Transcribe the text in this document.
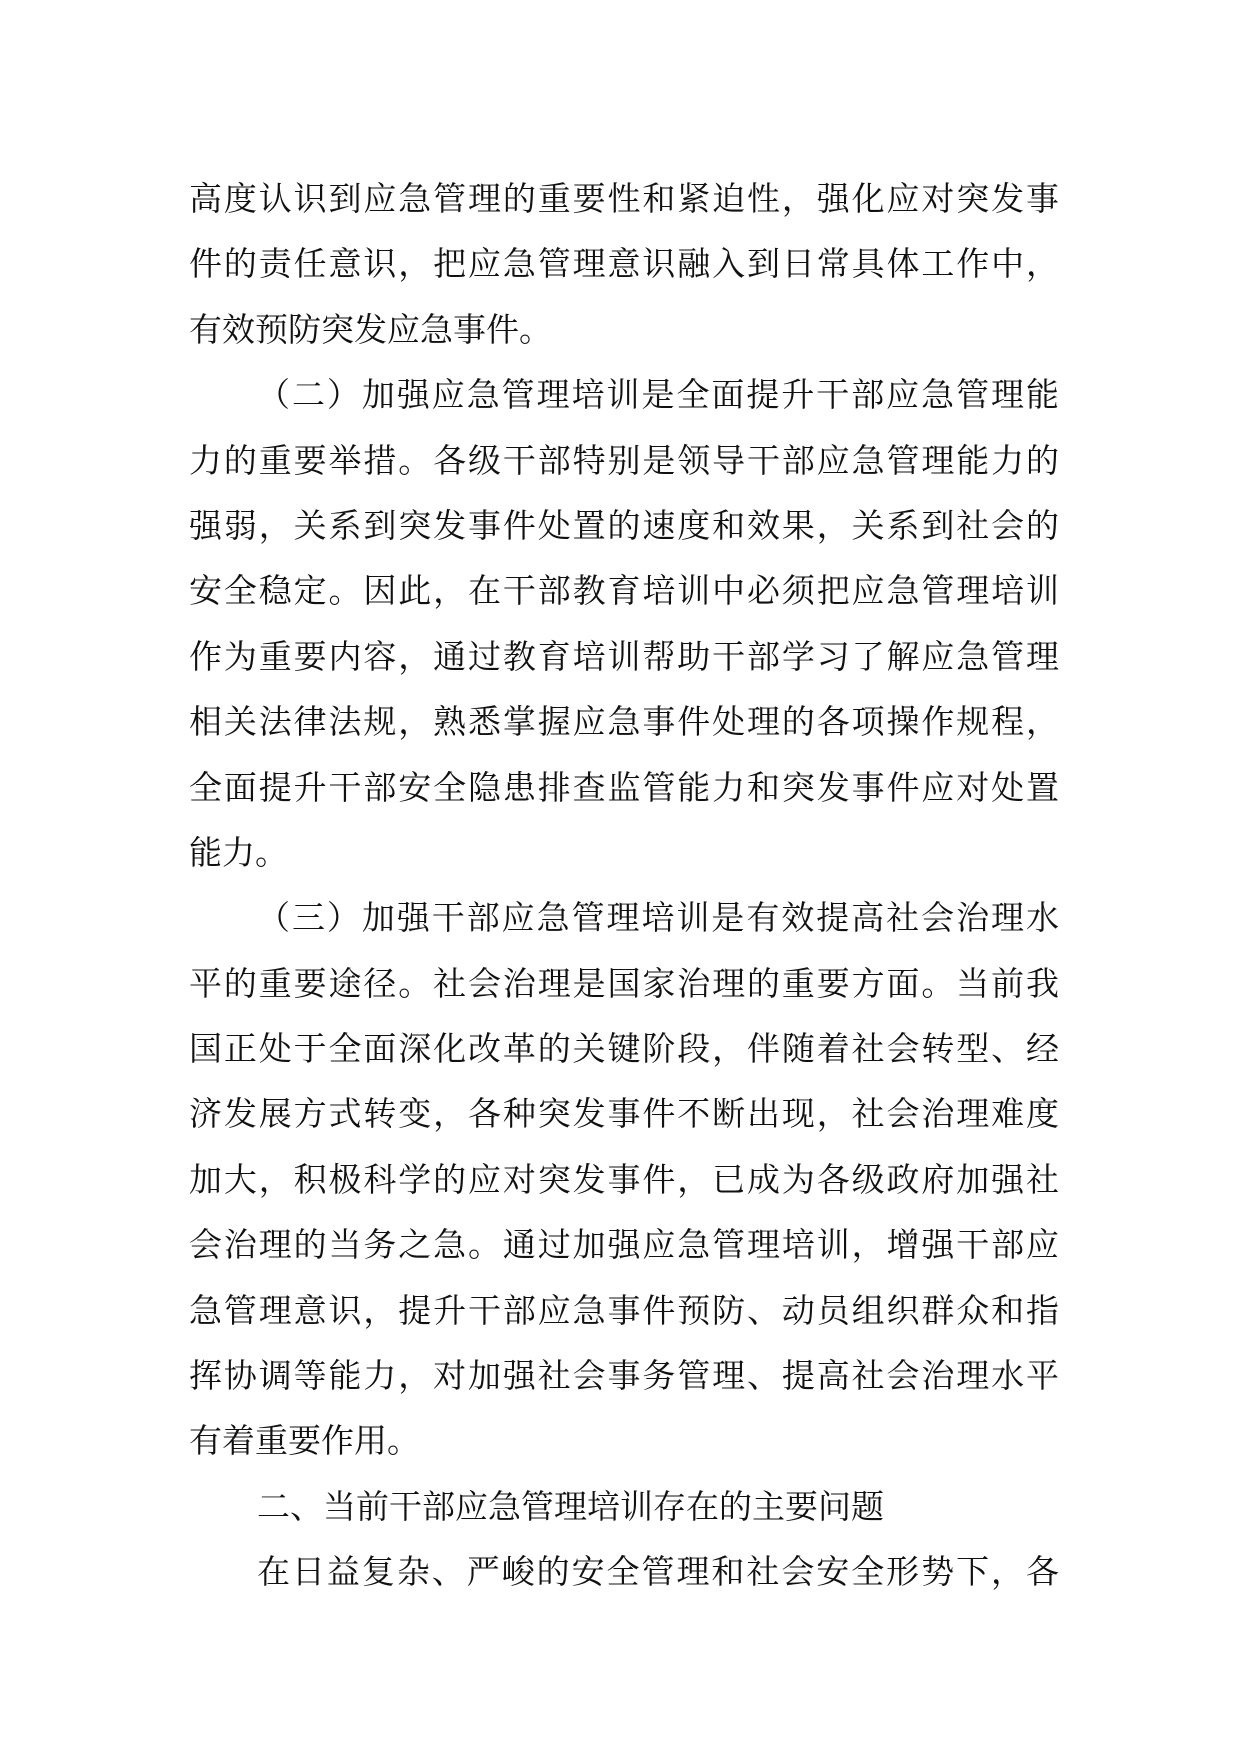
高度认识到应急管理的重要性和紧迫性，强化应对突发事
件的责任意识，把应急管理意识融入到日常具体工作中，
有效预防突发应急事件。
（二）加强应急管理培训是全面提升干部应急管理能
力的重要举措。各级干部特别是领导干部应急管理能力的
强弱，关系到突发事件处置的速度和效果，关系到社会的
安全稳定。因此，在干部教育培训中必须把应急管理培训
作为重要内容，通过教育培训帮助干部学习了解应急管理
相关法律法规，熟悉掌握应急事件处理的各项操作规程，
全面提升干部安全隐患排查监管能力和突发事件应对处置
能力。
（三）加强干部应急管理培训是有效提高社会治理水
平的重要途径。社会治理是国家治理的重要方面。当前我
国正处于全面深化改革的关键阶段，伴随着社会转型、经
济发展方式转变，各种突发事件不断出现，社会治理难度
加大，积极科学的应对突发事件，已成为各级政府加强社
会治理的当务之急。通过加强应急管理培训，增强干部应
急管理意识，提升干部应急事件预防、动员组织群众和指
挥协调等能力，对加强社会事务管理、提高社会治理水平
有着重要作用。
二、当前干部应急管理培训存在的主要问题
在日益复杂、严峻的安全管理和社会安全形势下，各
